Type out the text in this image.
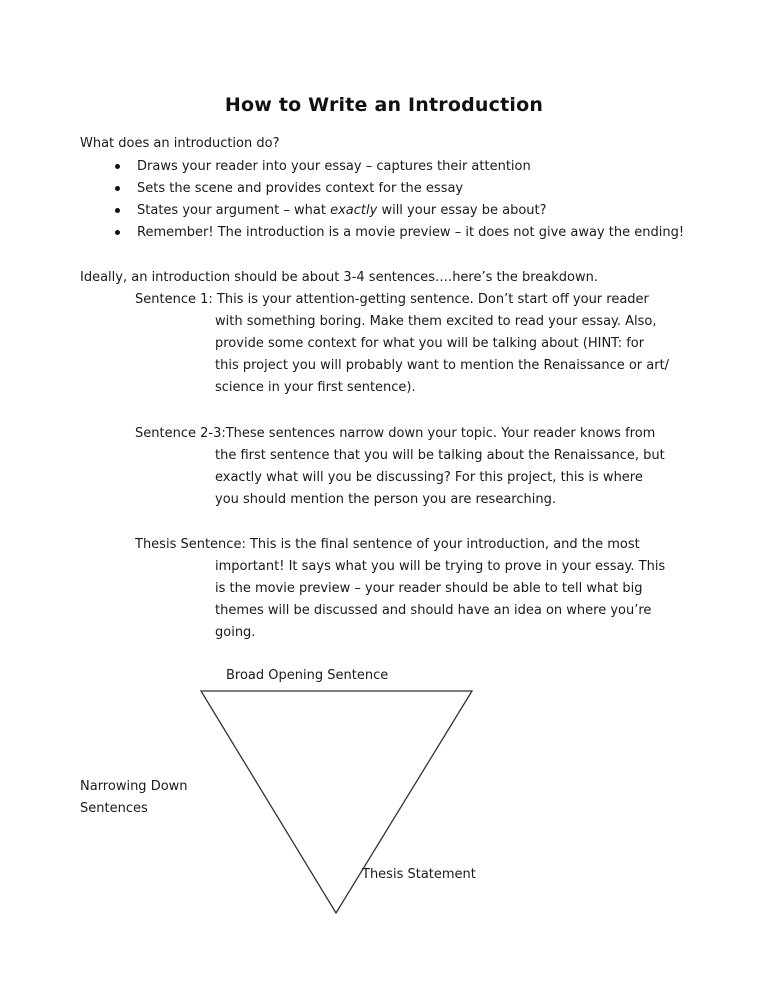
How to Write an Introduction
What does an introduction do?
Draws your reader into your essay – captures their attention
Sets the scene and provides context for the essay
States your argument – what exactly will your essay be about?
Remember! The introduction is a movie preview – it does not give away the ending!
Ideally, an introduction should be about 3-4 sentences….here’s the breakdown.
Sentence 1: This is your attention-getting sentence. Don’t start off your reader
with something boring. Make them excited to read your essay. Also,
provide some context for what you will be talking about (HINT: for
this project you will probably want to mention the Renaissance or art/
science in your first sentence).
Sentence 2-3:These sentences narrow down your topic. Your reader knows from
the first sentence that you will be talking about the Renaissance, but
exactly what will you be discussing? For this project, this is where
you should mention the person you are researching.
Thesis Sentence: This is the final sentence of your introduction, and the most
important! It says what you will be trying to prove in your essay. This
is the movie preview – your reader should be able to tell what big
themes will be discussed and should have an idea on where you’re
going.
Broad Opening Sentence
Narrowing Down
Sentences
Thesis Statement
